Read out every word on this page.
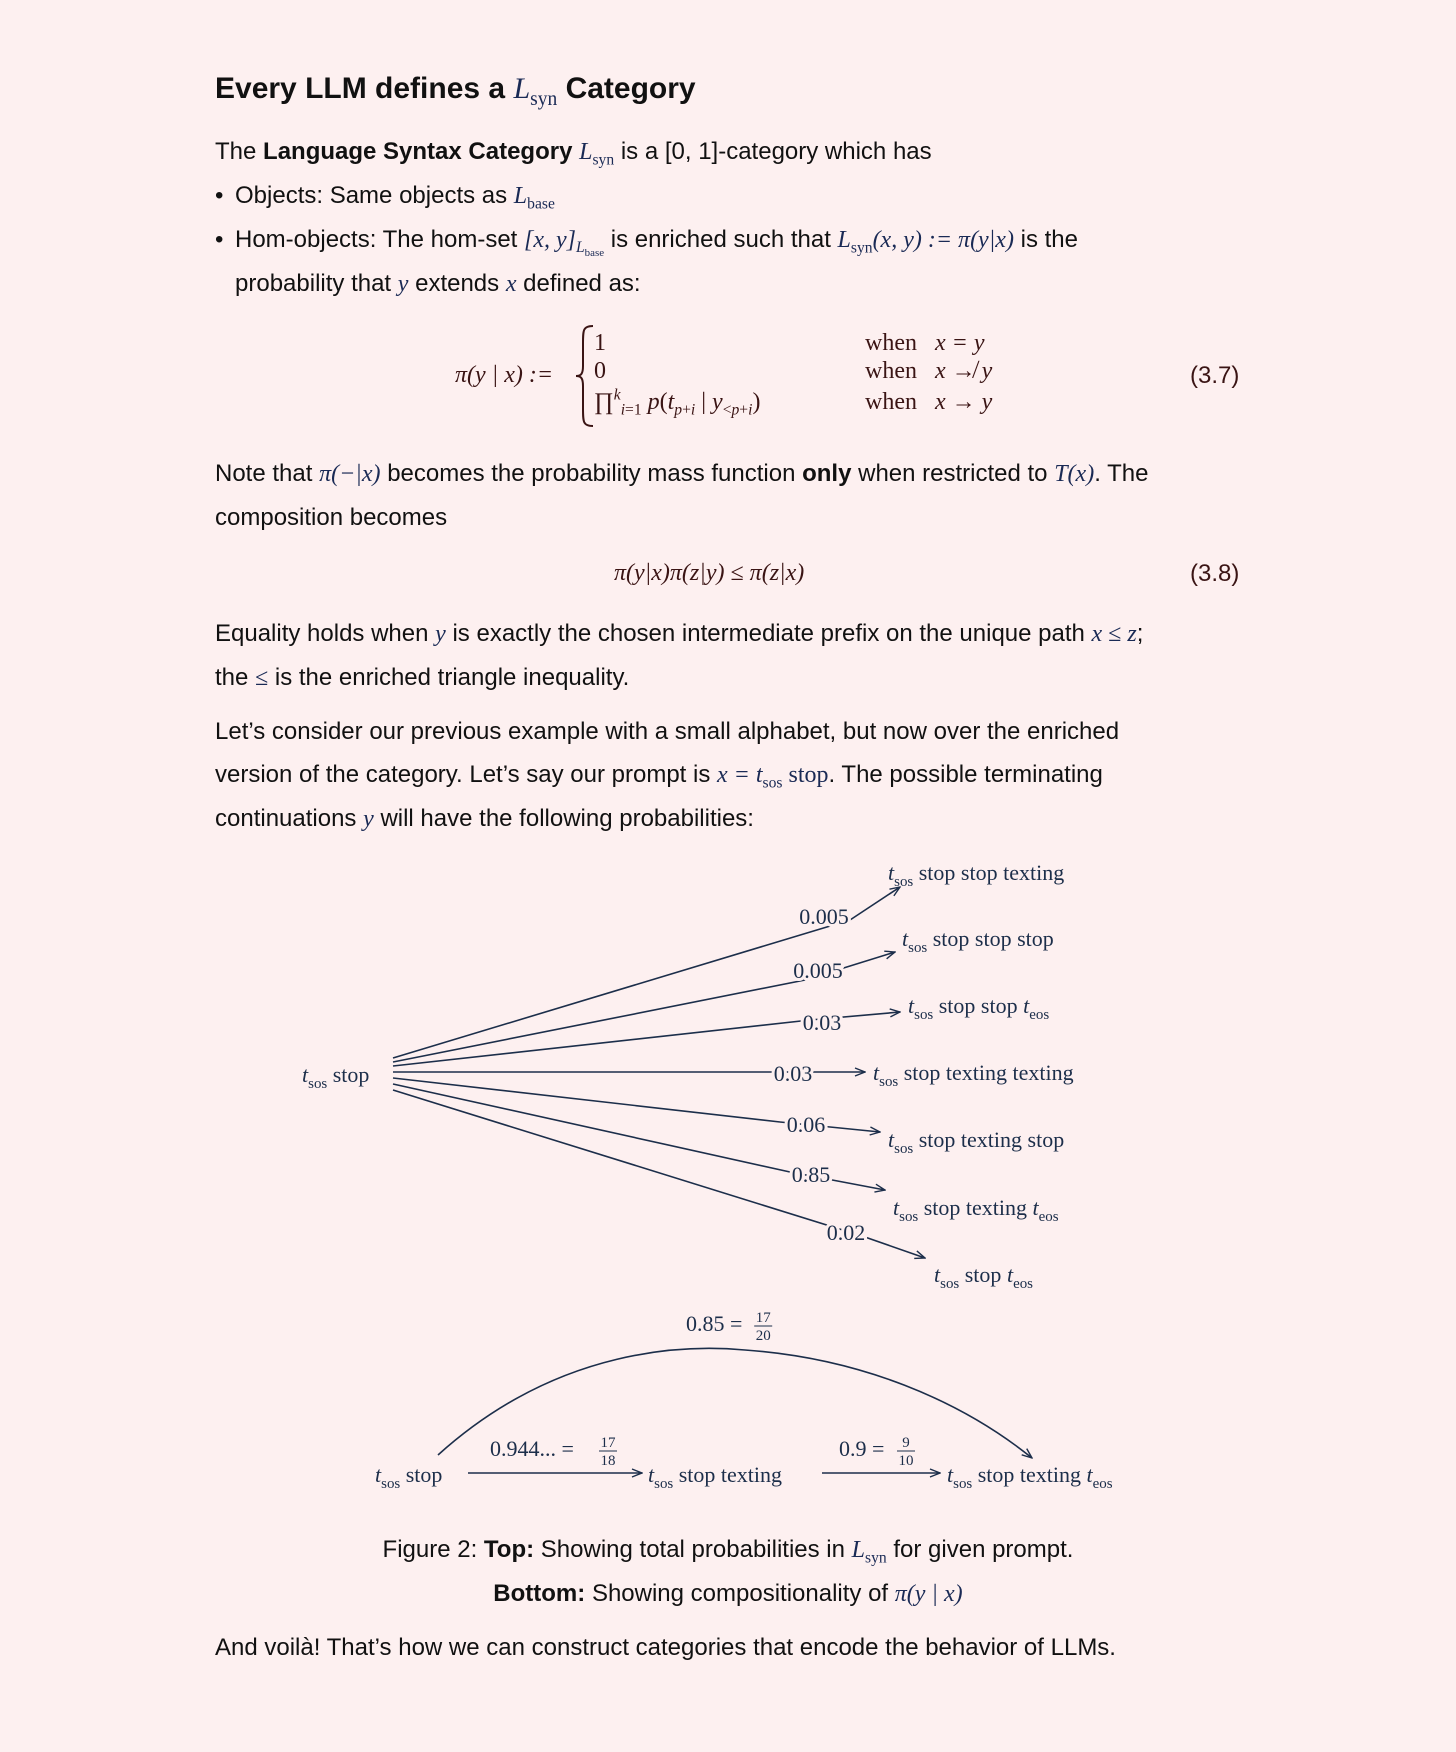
Every LLM defines a $L_{syn}$ Category
The Language Syntax Category $L_{syn}$ is a [0, 1]-category which has
• Objects: Same objects as $L_{base}$
• Hom-objects: The hom-set [x, $y]_{L_{base}}$ is enriched such that $L_{syn}(x$, y) := π(y|x) is the
probability that y extends x defined as:
π(y | x) :=
1
0
∏$^k_{i=1}$ $p(t_{p+i}$ | $y_{<p+i}$)
when x = y
when x ↛ y
when x → y
(3.7)
Note that π(−|x) becomes the probability mass function only when restricted to T(x). The
composition becomes
π(y|x)π(z|y) ≤ π(z|x)	(3.8)
Equality holds when y is exactly the chosen intermediate prefix on the unique path x ≤ z;
the ≤ is the enriched triangle inequality.
Let’s consider our previous example with a small alphabet, but now over the enriched
version of the category. Let’s say our prompt is $x = t_{sos}$ stop. The possible terminating
continuations y will have the following probabilities:
$t_{sos}$ stop
0.005
$t_{sos}$ stop stop texting
0.005
$t_{sos}$ stop stop stop
0.03
$t_{sos}$ stop stop $t_{eos}$
0.03	$t_{sos}$ stop texting texting
0.06
$t_{sos}$ stop texting stop
0.85
$t_{sos}$ stop texting $t_{eos}$
0.02
$t_{sos}$ stop $t_{eos}$
$t_{sos}$ stop	$t_{sos}$ stop texting	$t_{sos}$ stop texting $t_{eos}$
0.85 = 17
20
0.944... = 17
18	0.9 = 9
10
Figure 2: Top: Showing total probabilities in $L_{syn}$ for given prompt.
Bottom: Showing compositionality of π(y | x)
And voilà! That’s how we can construct categories that encode the behavior of LLMs.
